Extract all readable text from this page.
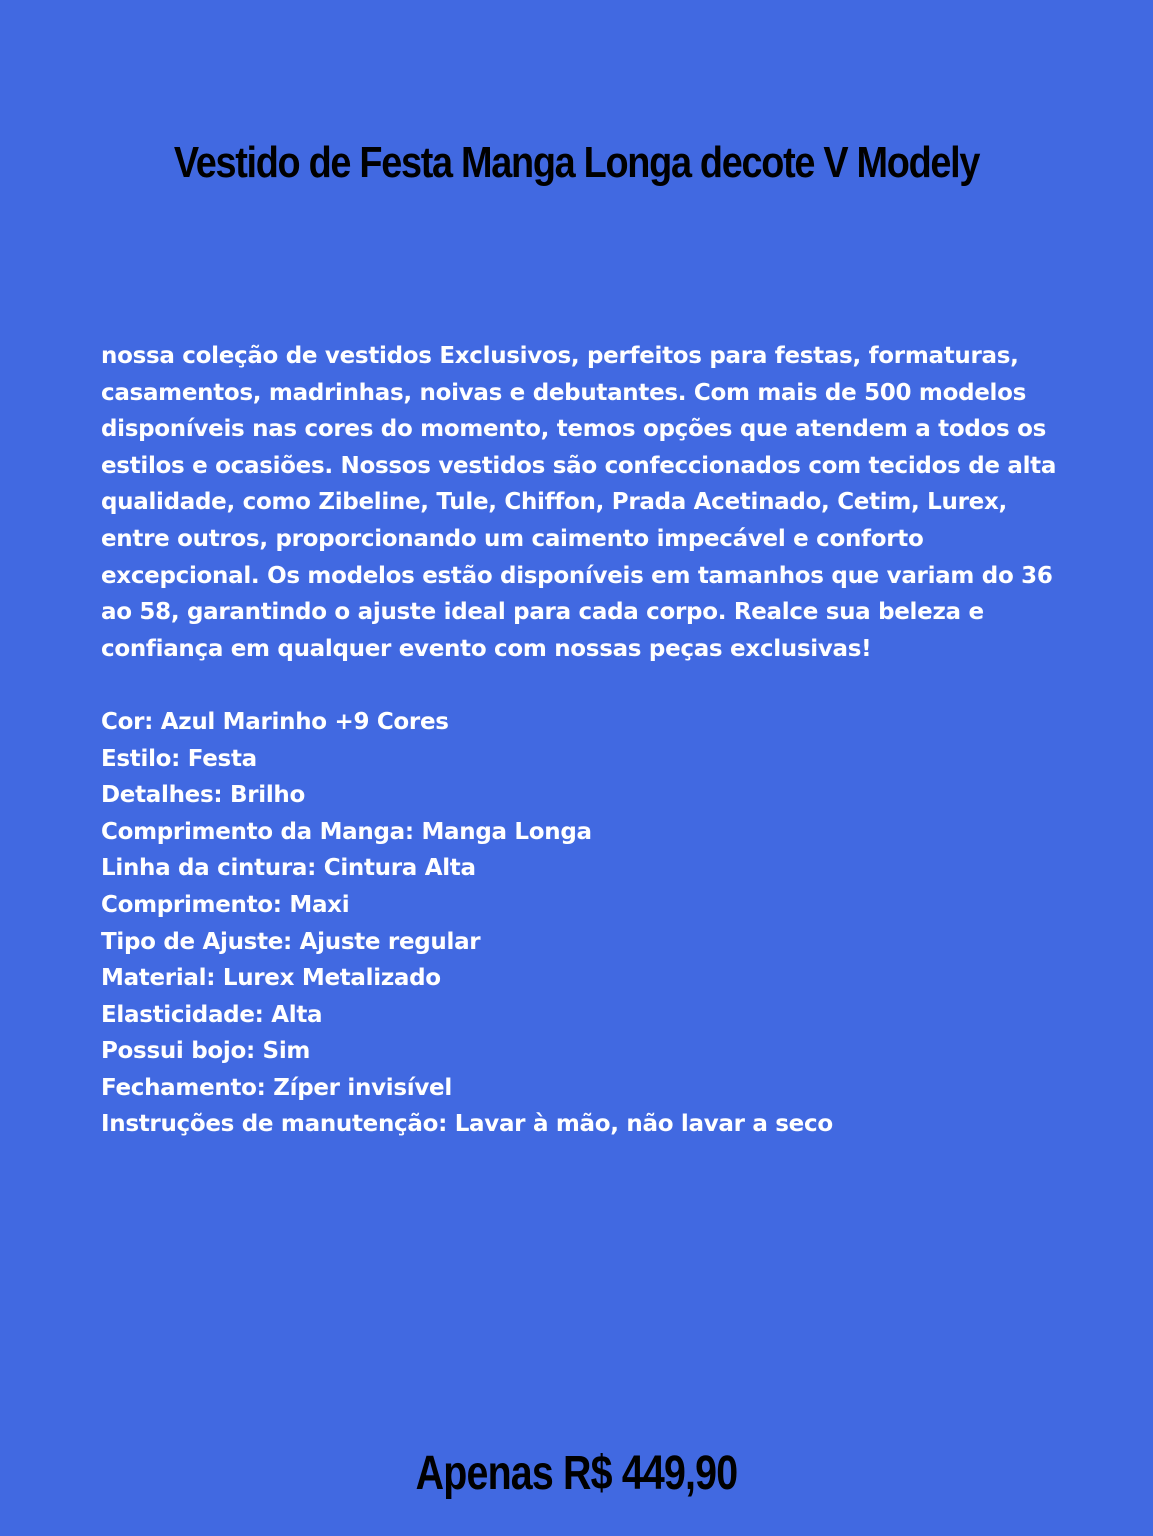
Vestido de Festa Manga Longa decote V Modely

nossa coleção de vestidos Exclusivos, perfeitos para festas, formaturas, casamentos, madrinhas, noivas e debutantes. Com mais de 500 modelos disponíveis nas cores do momento, temos opções que atendem a todos os estilos e ocasiões. Nossos vestidos são confeccionados com tecidos de alta qualidade, como Zibeline, Tule, Chiffon, Prada Acetinado, Cetim, Lurex, entre outros, proporcionando um caimento impecável e conforto excepcional. Os modelos estão disponíveis em tamanhos que variam do 36 ao 58, garantindo o ajuste ideal para cada corpo. Realce sua beleza e confiança em qualquer evento com nossas peças exclusivas!

Cor: Azul Marinho +9 Cores
Estilo: Festa
Detalhes: Brilho
Comprimento da Manga: Manga Longa
Linha da cintura: Cintura Alta
Comprimento: Maxi
Tipo de Ajuste: Ajuste regular
Material: Lurex Metalizado
Elasticidade: Alta
Possui bojo: Sim
Fechamento: Zíper invisível
Instruções de manutenção: Lavar à mão, não lavar a seco
Apenas R$ 449,90
